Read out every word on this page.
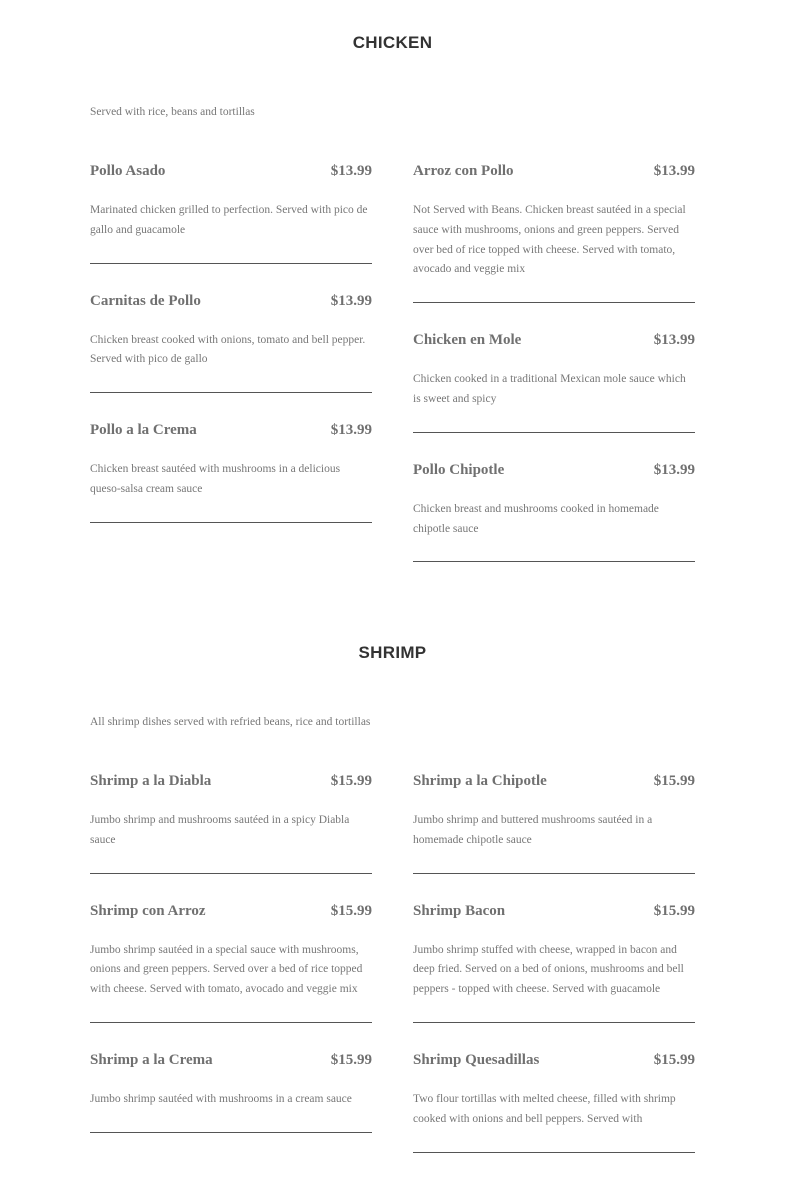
CHICKEN

Served with rice, beans and tortillas

Pollo Asado	$13.99

Marinated chicken grilled to perfection. Served with pico de gallo and guacamole

Carnitas de Pollo	$13.99

Chicken breast cooked with onions, tomato and bell pepper. Served with pico de gallo

Pollo a la Crema	$13.99

Chicken breast sautéed with mushrooms in a delicious queso-salsa cream sauce

Arroz con Pollo	$13.99

Not Served with Beans. Chicken breast sautéed in a special sauce with mushrooms, onions and green peppers. Served over bed of rice topped with cheese. Served with tomato, avocado and veggie mix

Chicken en Mole	$13.99

Chicken cooked in a traditional Mexican mole sauce which is sweet and spicy

Pollo Chipotle	$13.99

Chicken breast and mushrooms cooked in homemade chipotle sauce

SHRIMP

All shrimp dishes served with refried beans, rice and tortillas

Shrimp a la Diabla	$15.99

Jumbo shrimp and mushrooms sautéed in a spicy Diabla sauce

Shrimp con Arroz	$15.99

Jumbo shrimp sautéed in a special sauce with mushrooms, onions and green peppers. Served over a bed of rice topped with cheese. Served with tomato, avocado and veggie mix

Shrimp a la Crema	$15.99

Jumbo shrimp sautéed with mushrooms in a cream sauce

Shrimp a la Chipotle	$15.99

Jumbo shrimp and buttered mushrooms sautéed in a homemade chipotle sauce

Shrimp Bacon	$15.99

Jumbo shrimp stuffed with cheese, wrapped in bacon and deep fried. Served on a bed of onions, mushrooms and bell peppers - topped with cheese. Served with guacamole

Shrimp Quesadillas	$15.99

Two flour tortillas with melted cheese, filled with shrimp cooked with onions and bell peppers. Served with
